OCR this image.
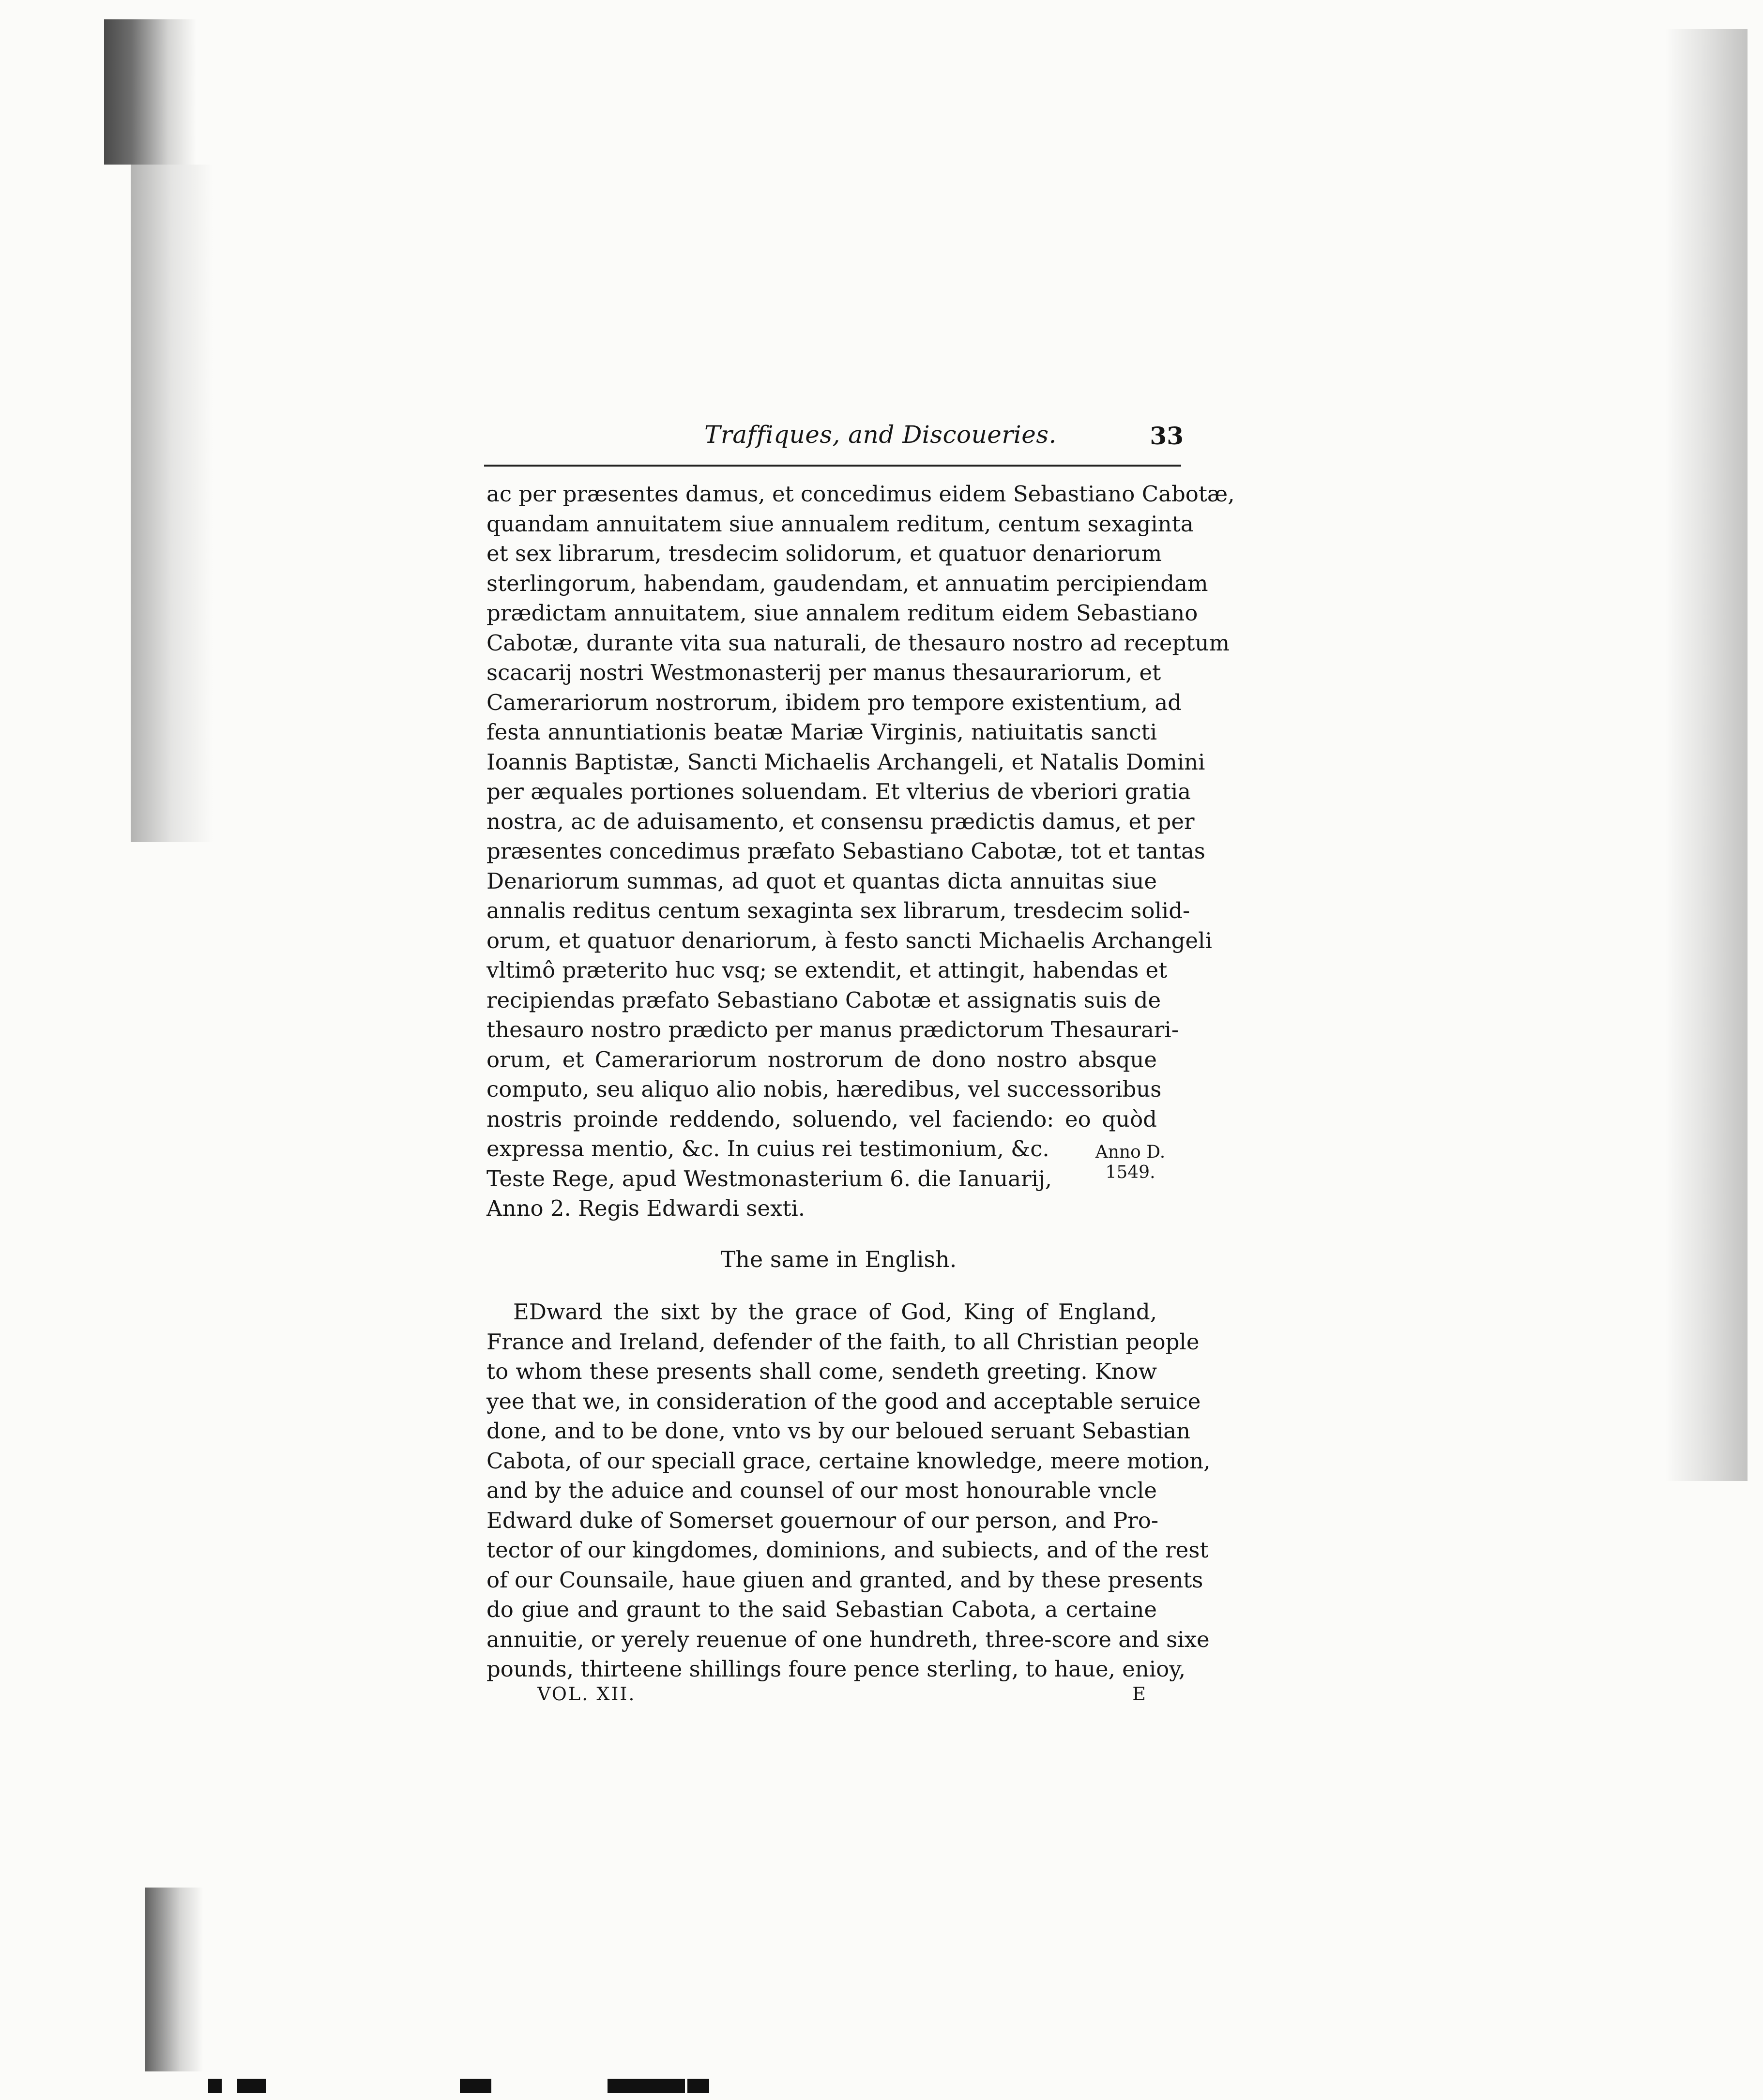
Traffiques, and Discoueries.	33
ac per præsentes damus, et concedimus eidem Sebastiano Cabotæ,
quandam annuitatem siue annualem reditum, centum sexaginta
et sex librarum, tresdecim solidorum, et quatuor denariorum
sterlingorum, habendam, gaudendam, et annuatim percipiendam
prædictam annuitatem, siue annalem reditum eidem Sebastiano
Cabotæ, durante vita sua naturali, de thesauro nostro ad receptum
scacarij nostri Westmonasterij per manus thesaurariorum, et
Camerariorum nostrorum, ibidem pro tempore existentium, ad
festa annuntiationis beatæ Mariæ Virginis, natiuitatis sancti
Ioannis Baptistæ, Sancti Michaelis Archangeli, et Natalis Domini
per æquales portiones soluendam. Et vlterius de vberiori gratia
nostra, ac de aduisamento, et consensu prædictis damus, et per
præsentes concedimus præfato Sebastiano Cabotæ, tot et tantas
Denariorum summas, ad quot et quantas dicta annuitas siue
annalis reditus centum sexaginta sex librarum, tresdecim solid-
orum, et quatuor denariorum, à festo sancti Michaelis Archangeli
vltimô præterito huc vsq; se extendit, et attingit, habendas et
recipiendas præfato Sebastiano Cabotæ et assignatis suis de
thesauro nostro prædicto per manus prædictorum Thesaurari-
orum, et Camerariorum nostrorum de dono nostro absque
computo, seu aliquo alio nobis, hæredibus, vel successoribus
nostris proinde reddendo, soluendo, vel faciendo: eo quòd
expressa mentio, &c. In cuius rei testimonium, &c.
Teste Rege, apud Westmonasterium 6. die Ianuarij,
Anno 2. Regis Edwardi sexti.
Anno D.
1549.
The same in English.
EDward the sixt by the grace of God, King of England,
France and Ireland, defender of the faith, to all Christian people
to whom these presents shall come, sendeth greeting. Know
yee that we, in consideration of the good and acceptable seruice
done, and to be done, vnto vs by our beloued seruant Sebastian
Cabota, of our speciall grace, certaine knowledge, meere motion,
and by the aduice and counsel of our most honourable vncle
Edward duke of Somerset gouernour of our person, and Pro-
tector of our kingdomes, dominions, and subiects, and of the rest
of our Counsaile, haue giuen and granted, and by these presents
do giue and graunt to the said Sebastian Cabota, a certaine
annuitie, or yerely reuenue of one hundreth, three-score and sixe
pounds, thirteene shillings foure pence sterling, to haue, enioy,
VOL. XII.	E
